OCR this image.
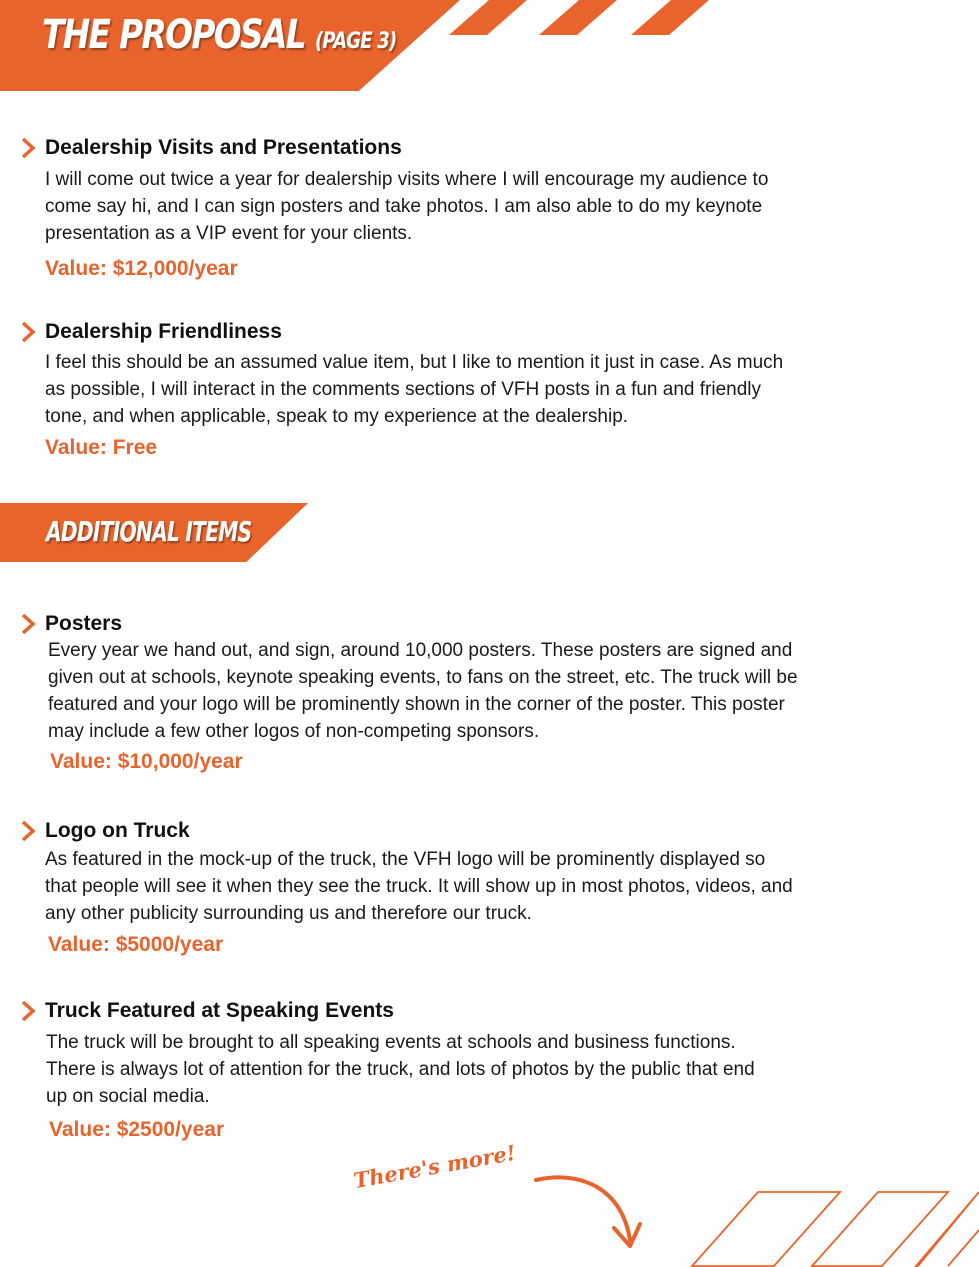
THE PROPOSAL (PAGE 3)
Dealership Visits and Presentations
I will come out twice a year for dealership visits where I will encourage my audience to
come say hi, and I can sign posters and take photos. I am also able to do my keynote
presentation as a VIP event for your clients.
Value: $12,000/year
Dealership Friendliness
I feel this should be an assumed value item, but I like to mention it just in case. As much
as possible, I will interact in the comments sections of VFH posts in a fun and friendly
tone, and when applicable, speak to my experience at the dealership.
Value: Free
ADDITIONAL ITEMS
Posters
Every year we hand out, and sign, around 10,000 posters. These posters are signed and
given out at schools, keynote speaking events, to fans on the street, etc. The truck will be
featured and your logo will be prominently shown in the corner of the poster. This poster
may include a few other logos of non-competing sponsors.
Value: $10,000/year
Logo on Truck
As featured in the mock-up of the truck, the VFH logo will be prominently displayed so
that people will see it when they see the truck. It will show up in most photos, videos, and
any other publicity surrounding us and therefore our truck.
Value: $5000/year
Truck Featured at Speaking Events
The truck will be brought to all speaking events at schools and business functions.
There is always lot of attention for the truck, and lots of photos by the public that end
up on social media.
Value: $2500/year
There's more!
